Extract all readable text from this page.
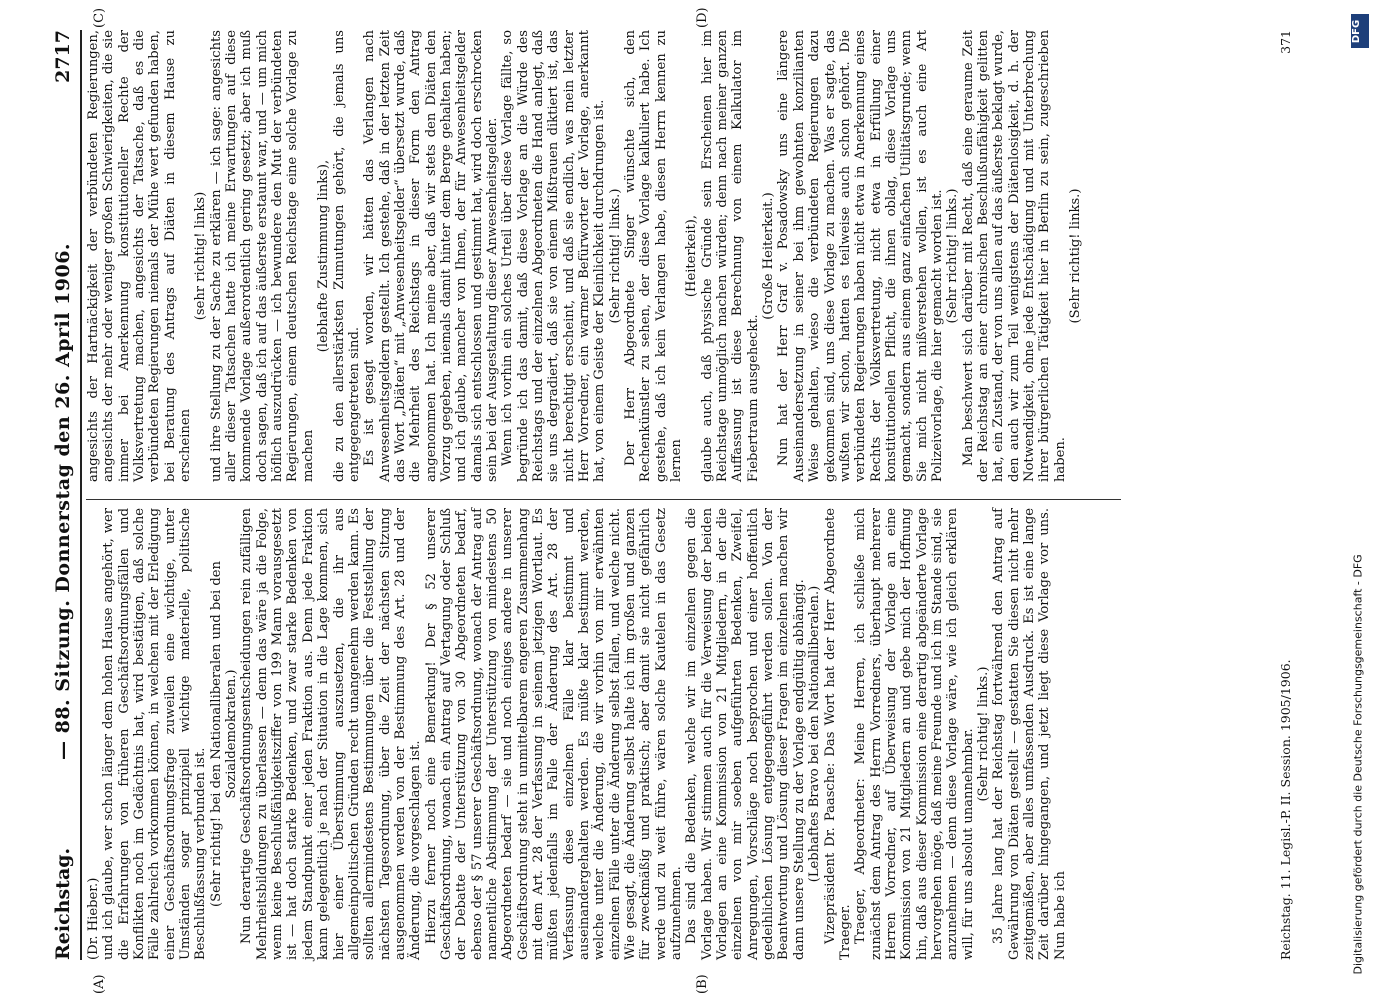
Reichstag.
— 88. Sitzung. Donnerstag den 26. April 1906.
2717
(A)	(B)
(C)	(D)

(Dr. Hieber.) und ich glaube, wer schon länger dem hohen Hause angehört, wer die Erfahrungen von früheren Geschäftsordnungsfällen und Konflikten noch im Gedächtnis hat, wird bestätigen, daß solche Fälle zahlreich vorkommen können, in welchen mit der Erledigung einer Geschäftsordnungsfrage zuweilen eine wichtige, unter Umständen sogar prinzipiell wichtige materielle, politische Beschlußfassung verbunden ist. (Sehr richtig! bei den Nationalliberalen und bei den Sozialdemokraten.) Nun derartige Geschäftsordnungsentscheidungen rein zufälligen Mehrheitsbildungen zu überlassen — denn das wäre ja die Folge, wenn keine Beschlußfähigkeitsziffer von 199 Mann vorausgesetzt ist — hat doch starke Bedenken, und zwar starke Bedenken von jedem Standpunkt einer jeden Fraktion aus. Denn jede Fraktion kann gelegentlich je nach der Situation in die Lage kommen, sich hier einer Überstimmung auszusetzen, die ihr aus allgemeinpolitischen Gründen recht unangenehm werden kann. Es sollten allermindestens Bestimmungen über die Feststellung der nächsten Tagesordnung, über die Zeit der nächsten Sitzung ausgenommen werden von der Bestimmung des Art. 28 und der Änderung, die vorgeschlagen ist. Hierzu ferner noch eine Bemerkung! Der § 52 unserer Geschäftsordnung, wonach ein Antrag auf Vertagung oder Schluß der Debatte der Unterstützung von 30 Abgeordneten bedarf, ebenso der § 57 unserer Geschäftsordnung, wonach der Antrag auf namentliche Abstimmung der Unterstützung von mindestens 50 Abgeordneten bedarf — sie und noch einiges andere in unserer Geschäftsordnung steht in unmittelbarem engeren Zusammenhang mit dem Art. 28 der Verfassung in seinem jetzigen Wortlaut. Es müßten jedenfalls im Falle der Änderung des Art. 28 der Verfassung diese einzelnen Fälle klar bestimmt und auseinandergehalten werden. Es müßte klar bestimmt werden, welche unter die Änderung, die wir vorhin von mir erwähnten einzelnen Fälle unter die Änderung selbst fallen, und welche nicht. Wie gesagt, die Änderung selbst halte ich im großen und ganzen für zweckmäßig und praktisch; aber damit sie nicht gefährlich werde und zu weit führe, wären solche Kautelen in das Gesetz aufzunehmen. Das sind die Bedenken, welche wir im einzelnen gegen die Vorlage haben. Wir stimmen auch für die Verweisung der beiden Vorlagen an eine Kommission von 21 Mitgliedern, in der die einzelnen von mir soeben aufgeführten Bedenken, Zweifel, Anregungen, Vorschläge noch besprochen und einer hoffentlich gedeihlichen Lösung entgegengeführt werden sollen. Von der Beantwortung und Lösung dieser Fragen im einzelnen machen wir dann unsere Stellung zu der Vorlage endgültig abhängig. (Lebhaftes Bravo bei den Nationalliberalen.) Vizepräsident Dr. Paasche: Das Wort hat der Herr Abgeordnete Traeger. Traeger, Abgeordneter: Meine Herren, ich schließe mich zunächst dem Antrag des Herrn Vorredners, überhaupt mehrerer Herren Vorredner, auf Überweisung der Vorlage an eine Kommission von 21 Mitgliedern an und gebe mich der Hoffnung hin, daß aus dieser Kommission eine derartig abgeänderte Vorlage hervorgehen möge, daß meine Freunde und ich im Stande sind, sie anzunehmen — denn diese Vorlage wäre, wie ich gleich erklären will, für uns absolut unannehmbar. (Sehr richtig! links.) 35 Jahre lang hat der Reichstag fortwährend den Antrag auf Gewährung von Diäten gestellt — gestatten Sie diesen nicht mehr zeitgemäßen, aber alles umfassenden Ausdruck. Es ist eine lange Zeit darüber hingegangen, und jetzt liegt diese Vorlage vor uns. Nun habe ich

angesichts der Hartnäckigkeit der verbündeten Regierungen, angesichts der mehr oder weniger großen Schwierigkeiten, die sie immer bei Anerkennung konstitutioneller Rechte der Volksvertretung machen, angesichts der Tatsache, daß es die verbündeten Regierungen niemals der Mühe wert gefunden haben, bei Beratung des Antrags auf Diäten in diesem Hause zu erscheinen

(sehr richtig! links) und ihre Stellung zu der Sache zu erklären — ich sage: angesichts aller dieser Tatsachen hatte ich meine Erwartungen auf diese kommende Vorlage außerordentlich gering gesetzt; aber ich muß doch sagen, daß ich auf das äußerste erstaunt war, und — um mich höflich auszudrücken — ich bewundere den Mut der verbündeten Regierungen, einem deutschen Reichstage eine solche Vorlage zu machen

(lebhafte Zustimmung links), die zu den allerstärksten Zumutungen gehört, die jemals uns entgegengetreten sind. Es ist gesagt worden, wir hätten das Verlangen nach Anwesenheitsgeldern gestellt. Ich gestehe, daß in der letzten Zeit das Wort „Diäten“ mit „Anwesenheitsgelder“ übersetzt wurde, daß die Mehrheit des Reichstags in dieser Form den Antrag angenommen hat. Ich meine aber, daß wir stets den Diäten den Vorzug gegeben, niemals damit hinter dem Berge gehalten haben; und ich glaube, mancher von Ihnen, der für Anwesenheitsgelder damals sich entschlossen und gestimmt hat, wird doch erschrocken sein bei der Ausgestaltung dieser Anwesenheitsgelder. Wenn ich vorhin ein solches Urteil über diese Vorlage fällte, so begründe ich das damit, daß diese Vorlage an die Würde des Reichstags und der einzelnen Abgeordneten die Hand anlegt, daß sie uns degradiert, daß sie von einem Mißtrauen diktiert ist, das nicht berechtigt erscheint, und daß sie endlich, was mein letzter Herr Vorredner, ein warmer Befürworter der Vorlage, anerkannt hat, von einem Geiste der Kleinlichkeit durchdrungen ist. (Sehr richtig! links.) Der Herr Abgeordnete Singer wünschte sich, den Rechenkünstler zu sehen, der diese Vorlage kalkuliert habe. Ich gestehe, daß ich kein Verlangen habe, diesen Herrn kennen zu lernen

(Heiterkeit), glaube auch, daß physische Gründe sein Erscheinen hier im Reichstage unmöglich machen würden; denn nach meiner ganzen Auffassung ist diese Berechnung von einem Kalkulator im Fiebertraum ausgeheckt.

(Große Heiterkeit.) Nun hat der Herr Graf v. Posadowsky uns eine längere Auseinandersetzung in seiner bei ihm gewohnten konzilianten Weise gehalten, wieso die verbündeten Regierungen dazu gekommen sind, uns diese Vorlage zu machen. Was er sagte, das wußten wir schon, hatten es teilweise auch schon gehört. Die verbündeten Regierungen haben nicht etwa in Anerkennung eines Rechts der Volksvertretung, nicht etwa in Erfüllung einer konstitutionellen Pflicht, die ihnen oblag, diese Vorlage uns gemacht, sondern aus einem ganz einfachen Utilitätsgrunde; wenn Sie mich nicht mißverstehen wollen, ist es auch eine Art Polizeivorlage, die hier gemacht worden ist. (Sehr richtig! links.) Man beschwert sich darüber mit Recht, daß eine geraume Zeit der Reichstag an einer chronischen Beschlußunfähigkeit gelitten hat, ein Zustand, der von uns allen auf das äußerste beklagt wurde, den auch wir zum Teil wenigstens der Diätenlosigkeit, d. h. der Notwendigkeit, ohne jede Entschädigung und mit Unterbrechung ihrer bürgerlichen Tätigkeit hier in Berlin zu sein, zugeschrieben haben.

(Sehr richtig! links.)

Reichstag. 11. Legisl.-P. II. Session. 1905/1906.
371	DFG
Digitalisierung gefördert durch die Deutsche Forschungsgemeinschaft - DFG
